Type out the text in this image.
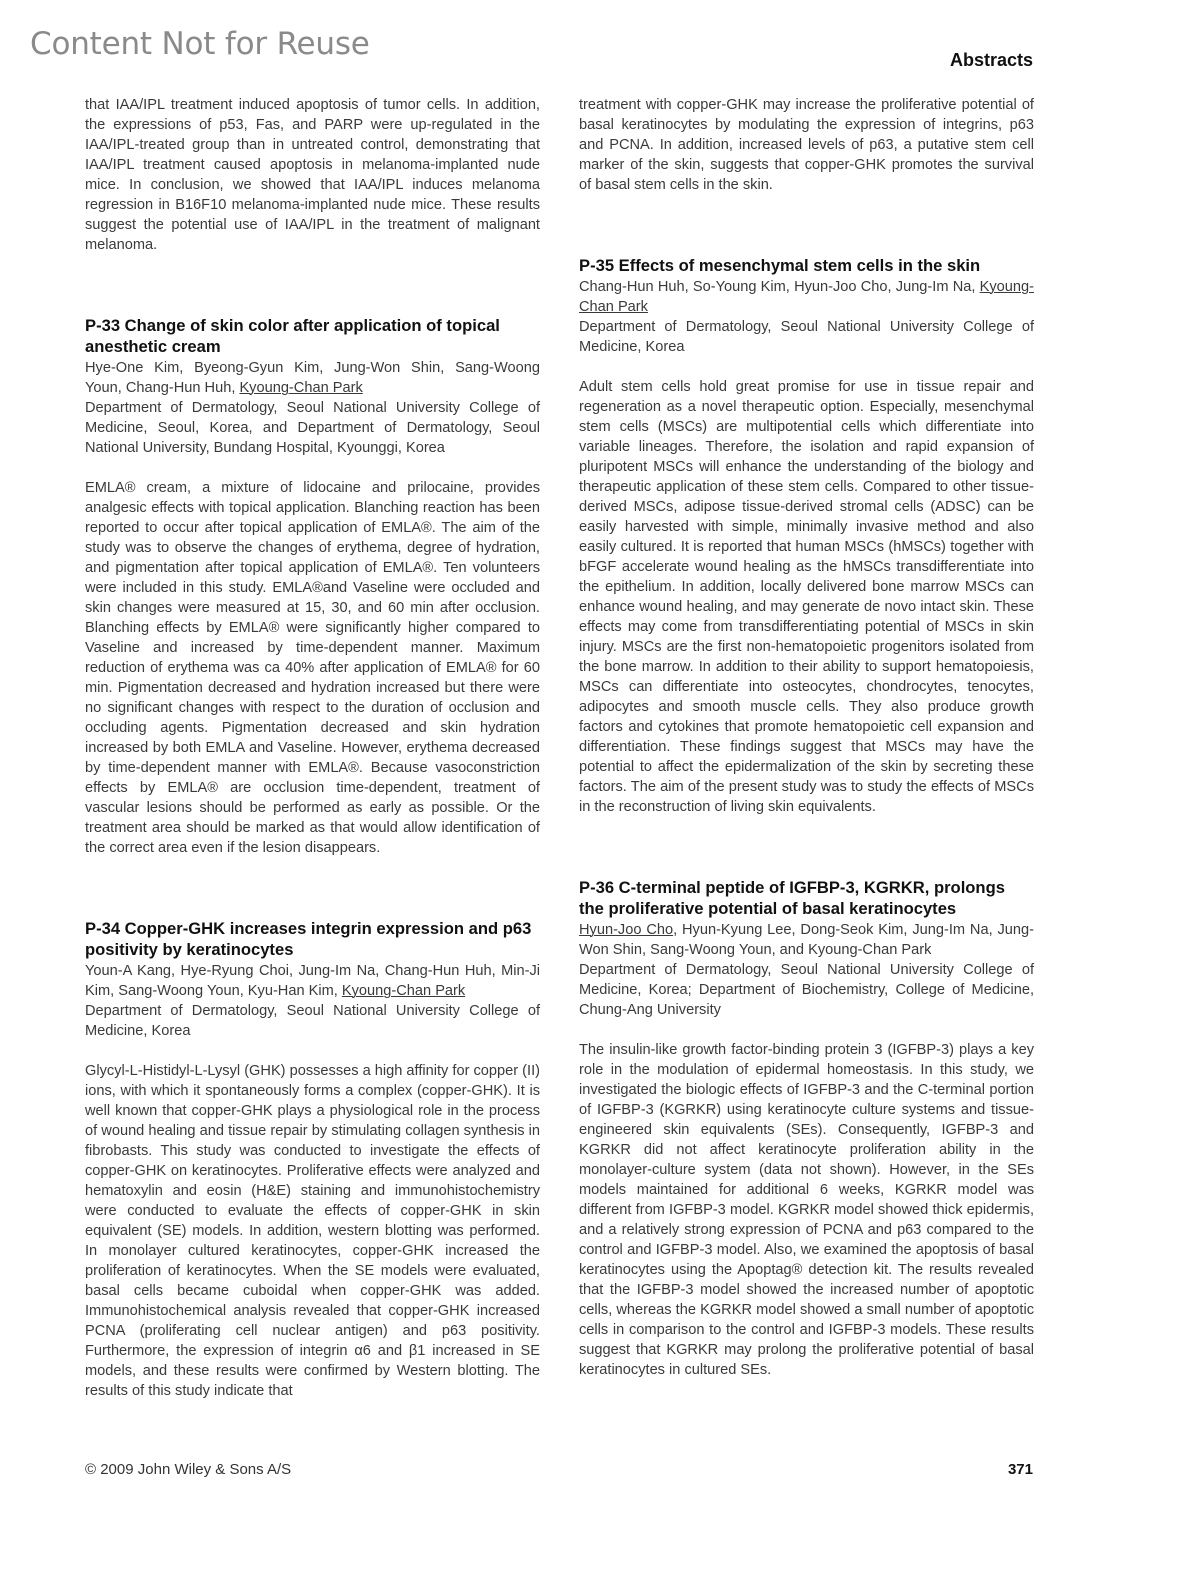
Content Not for Reuse	Abstracts

that IAA/IPL treatment induced apoptosis of tumor cells. In addition, the expressions of p53, Fas, and PARP were up-regulated in the IAA/IPL-treated group than in untreated control, demonstrating that IAA/IPL treatment caused apoptosis in melanoma-implanted nude mice. In conclusion, we showed that IAA/IPL induces melanoma regression in B16F10 melanoma-implanted nude mice. These results suggest the potential use of IAA/IPL in the treatment of malignant melanoma.

P-33 Change of skin color after application of topical anesthetic cream

Hye-One Kim, Byeong-Gyun Kim, Jung-Won Shin, Sang-Woong Youn, Chang-Hun Huh, Kyoung-Chan Park

Department of Dermatology, Seoul National University College of Medicine, Seoul, Korea, and Department of Dermatology, Seoul National University, Bundang Hospital, Kyounggi, Korea

EMLA® cream, a mixture of lidocaine and prilocaine, provides analgesic effects with topical application. Blanching reaction has been reported to occur after topical application of EMLA®. The aim of the study was to observe the changes of erythema, degree of hydration, and pigmentation after topical application of EMLA®. Ten volunteers were included in this study. EMLA®and Vaseline were occluded and skin changes were measured at 15, 30, and 60 min after occlusion. Blanching effects by EMLA® were significantly higher compared to Vaseline and increased by time-dependent manner. Maximum reduction of erythema was ca 40% after application of EMLA® for 60 min. Pigmentation decreased and hydration increased but there were no significant changes with respect to the duration of occlusion and occluding agents. Pigmentation decreased and skin hydration increased by both EMLA and Vaseline. However, erythema decreased by time-dependent manner with EMLA®. Because vasoconstriction effects by EMLA® are occlusion time-dependent, treatment of vascular lesions should be performed as early as possible. Or the treatment area should be marked as that would allow identification of the correct area even if the lesion disappears.

P-34 Copper-GHK increases integrin expression and p63 positivity by keratinocytes

Youn-A Kang, Hye-Ryung Choi, Jung-Im Na, Chang-Hun Huh, Min-Ji Kim, Sang-Woong Youn, Kyu-Han Kim, Kyoung-Chan Park

Department of Dermatology, Seoul National University College of Medicine, Korea

Glycyl-L-Histidyl-L-Lysyl (GHK) possesses a high affinity for copper (II) ions, with which it spontaneously forms a complex (copper-GHK). It is well known that copper-GHK plays a physiological role in the process of wound healing and tissue repair by stimulating collagen synthesis in fibrobasts. This study was conducted to investigate the effects of copper-GHK on keratinocytes. Proliferative effects were analyzed and hematoxylin and eosin (H&E) staining and immunohistochemistry were conducted to evaluate the effects of copper-GHK in skin equivalent (SE) models. In addition, western blotting was performed. In monolayer cultured keratinocytes, copper-GHK increased the proliferation of keratinocytes. When the SE models were evaluated, basal cells became cuboidal when copper-GHK was added. Immunohistochemical analysis revealed that copper-GHK increased PCNA (proliferating cell nuclear antigen) and p63 positivity. Furthermore, the expression of integrin α6 and β1 increased in SE models, and these results were confirmed by Western blotting. The results of this study indicate that

treatment with copper-GHK may increase the proliferative potential of basal keratinocytes by modulating the expression of integrins, p63 and PCNA. In addition, increased levels of p63, a putative stem cell marker of the skin, suggests that copper-GHK promotes the survival of basal stem cells in the skin.

P-35 Effects of mesenchymal stem cells in the skin

Chang-Hun Huh, So-Young Kim, Hyun-Joo Cho, Jung-Im Na, Kyoung-Chan Park

Department of Dermatology, Seoul National University College of Medicine, Korea

Adult stem cells hold great promise for use in tissue repair and regeneration as a novel therapeutic option. Especially, mesenchymal stem cells (MSCs) are multipotential cells which differentiate into variable lineages. Therefore, the isolation and rapid expansion of pluripotent MSCs will enhance the understanding of the biology and therapeutic application of these stem cells. Compared to other tissue-derived MSCs, adipose tissue-derived stromal cells (ADSC) can be easily harvested with simple, minimally invasive method and also easily cultured. It is reported that human MSCs (hMSCs) together with bFGF accelerate wound healing as the hMSCs transdifferentiate into the epithelium. In addition, locally delivered bone marrow MSCs can enhance wound healing, and may generate de novo intact skin. These effects may come from transdifferentiating potential of MSCs in skin injury. MSCs are the first non-hematopoietic progenitors isolated from the bone marrow. In addition to their ability to support hematopoiesis, MSCs can differentiate into osteocytes, chondrocytes, tenocytes, adipocytes and smooth muscle cells. They also produce growth factors and cytokines that promote hematopoietic cell expansion and differentiation. These findings suggest that MSCs may have the potential to affect the epidermalization of the skin by secreting these factors. The aim of the present study was to study the effects of MSCs in the reconstruction of living skin equivalents.

P-36 C-terminal peptide of IGFBP-3, KGRKR, prolongs the proliferative potential of basal keratinocytes

Hyun-Joo Cho, Hyun-Kyung Lee, Dong-Seok Kim, Jung-Im Na, Jung-Won Shin, Sang-Woong Youn, and Kyoung-Chan Park

Department of Dermatology, Seoul National University College of Medicine, Korea; Department of Biochemistry, College of Medicine, Chung-Ang University

The insulin-like growth factor-binding protein 3 (IGFBP-3) plays a key role in the modulation of epidermal homeostasis. In this study, we investigated the biologic effects of IGFBP-3 and the C-terminal portion of IGFBP-3 (KGRKR) using keratinocyte culture systems and tissue-engineered skin equivalents (SEs). Consequently, IGFBP-3 and KGRKR did not affect keratinocyte proliferation ability in the monolayer-culture system (data not shown). However, in the SEs models maintained for additional 6 weeks, KGRKR model was different from IGFBP-3 model. KGRKR model showed thick epidermis, and a relatively strong expression of PCNA and p63 compared to the control and IGFBP-3 model. Also, we examined the apoptosis of basal keratinocytes using the Apoptag® detection kit. The results revealed that the IGFBP-3 model showed the increased number of apoptotic cells, whereas the KGRKR model showed a small number of apoptotic cells in comparison to the control and IGFBP-3 models. These results suggest that KGRKR may prolong the proliferative potential of basal keratinocytes in cultured SEs.

© 2009 John Wiley & Sons A/S	371
